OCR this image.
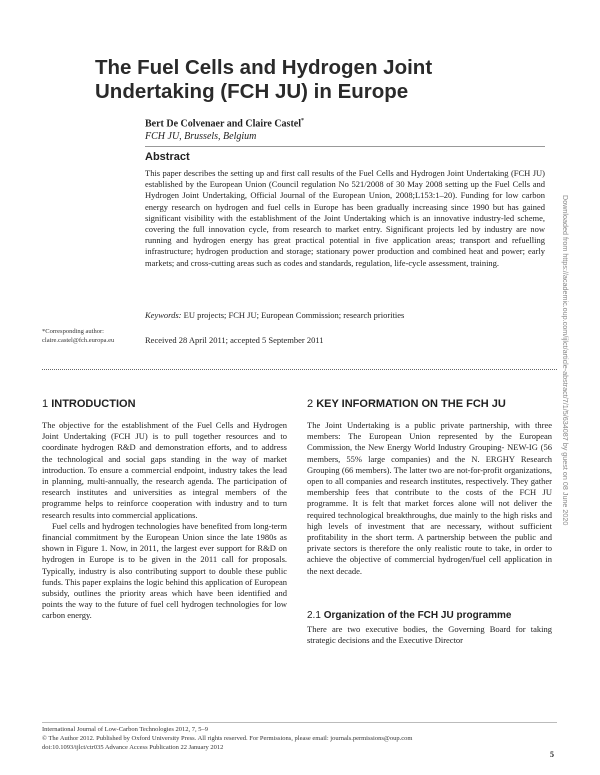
The Fuel Cells and Hydrogen Joint Undertaking (FCH JU) in Europe
Bert De Colvenaer and Claire Castel*
FCH JU, Brussels, Belgium
Abstract
This paper describes the setting up and first call results of the Fuel Cells and Hydrogen Joint Undertaking (FCH JU) established by the European Union (Council regulation No 521/2008 of 30 May 2008 setting up the Fuel Cells and Hydrogen Joint Undertaking, Official Journal of the European Union, 2008;L153:1–20). Funding for low carbon energy research on hydrogen and fuel cells in Europe has been gradually increasing since 1990 but has gained significant visibility with the establishment of the Joint Undertaking which is an innovative industry-led scheme, covering the full innovation cycle, from research to market entry. Significant projects led by industry are now running and hydrogen energy has great practical potential in five application areas; transport and refuelling infrastructure; hydrogen production and storage; stationary power production and combined heat and power; early markets; and cross-cutting areas such as codes and standards, regulation, life-cycle assessment, training.
Keywords: EU projects; FCH JU; European Commission; research priorities
*Corresponding author:
claire.castel@fch.europa.eu	Received 28 April 2011; accepted 5 September 2011
1 INTRODUCTION

The objective for the establishment of the Fuel Cells and Hydrogen Joint Undertaking (FCH JU) is to pull together resources and to coordinate hydrogen R&D and demonstration efforts, and to address the technological and social gaps standing in the way of market introduction. To ensure a commercial endpoint, industry takes the lead in planning, multi-annually, the research agenda. The participation of research institutes and universities as integral members of the programme helps to reinforce cooperation with industry and to turn research results into commercial applications.

Fuel cells and hydrogen technologies have benefited from long-term financial commitment by the European Union since the late 1980s as shown in Figure 1. Now, in 2011, the largest ever support for R&D on hydrogen in Europe is to be given in the 2011 call for proposals. Typically, industry is also contributing support to double these public funds. This paper explains the logic behind this application of European subsidy, outlines the priority areas which have been identified and points the way to the future of fuel cell hydrogen technologies for low carbon energy.

2 KEY INFORMATION ON THE FCH JU

The Joint Undertaking is a public private partnership, with three members: The European Union represented by the European Commission, the New Energy World Industry Grouping- NEW-IG (56 members, 55% large companies) and the N. ERGHY Research Grouping (66 members). The latter two are not-for-profit organizations, open to all companies and research institutes, respectively. They gather membership fees that contribute to the costs of the FCH JU programme. It is felt that market forces alone will not deliver the required technological breakthroughs, due mainly to the high risks and high levels of investment that are necessary, without sufficient profitability in the short term. A partnership between the public and private sectors is therefore the only realistic route to take, in order to achieve the objective of commercial hydrogen/fuel cell application in the next decade.

2.1 Organization of the FCH JU programme

There are two executive bodies, the Governing Board for taking strategic decisions and the Executive Director

Downloaded from https://academic.oup.com/ijlct/article-abstract/7/1/5/634087 by guest on 08 June 2020
International Journal of Low-Carbon Technologies 2012, 7, 5–9
© The Author 2012. Published by Oxford University Press. All rights reserved. For Permissions, please email: journals.permissions@oup.com
doi:10.1093/ijlct/ctr035 Advance Access Publication 22 January 2012
5
